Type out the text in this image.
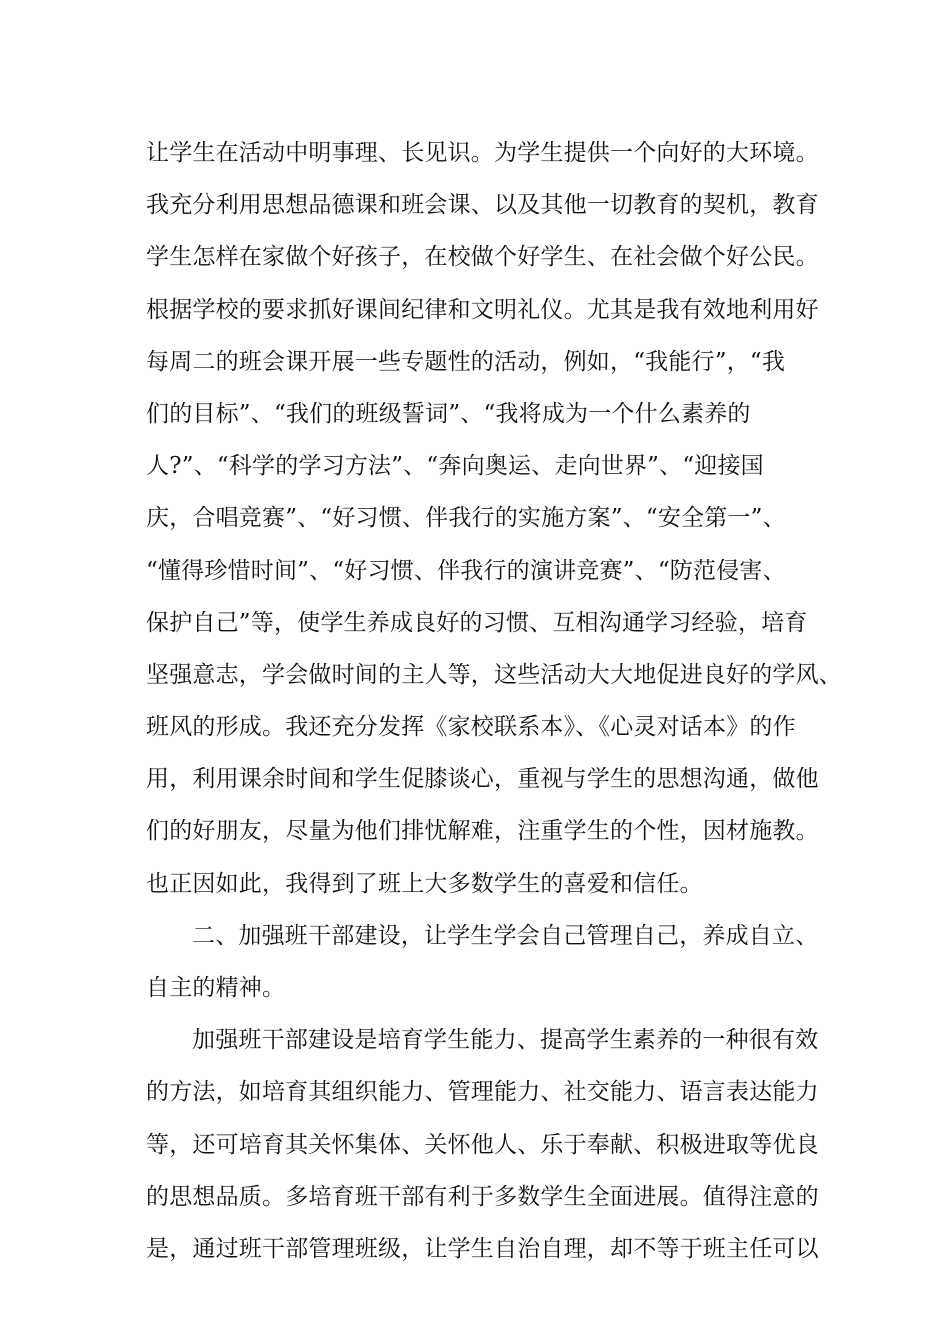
让学生在活动中明事理、长见识。为学生提供一个向好的大环境。
我充分利用思想品德课和班会课、以及其他一切教育的契机，教育
学生怎样在家做个好孩子，在校做个好学生、在社会做个好公民。
根据学校的要求抓好课间纪律和文明礼仪。尤其是我有效地利用好
每周二的班会课开展一些专题性的活动，例如，“我能行”，“我
们的目标”、“我们的班级誓词”、“我将成为一个什么素养的
人?”、“科学的学习方法”、“奔向奥运、走向世界”、“迎接国
庆，合唱竞赛”、“好习惯、伴我行的实施方案”、“安全第一”、
“懂得珍惜时间”、“好习惯、伴我行的演讲竞赛”、“防范侵害、
保护自己”等，使学生养成良好的习惯、互相沟通学习经验，培育
坚强意志，学会做时间的主人等，这些活动大大地促进良好的学风、
班风的形成。我还充分发挥《家校联系本》、《心灵对话本》的作
用，利用课余时间和学生促膝谈心，重视与学生的思想沟通，做他
们的好朋友，尽量为他们排忧解难，注重学生的个性，因材施教。
也正因如此，我得到了班上大多数学生的喜爱和信任。
二、加强班干部建设，让学生学会自己管理自己，养成自立、
自主的精神。
加强班干部建设是培育学生能力、提高学生素养的一种很有效
的方法，如培育其组织能力、管理能力、社交能力、语言表达能力
等，还可培育其关怀集体、关怀他人、乐于奉献、积极进取等优良
的思想品质。多培育班干部有利于多数学生全面进展。值得注意的
是，通过班干部管理班级，让学生自治自理，却不等于班主任可以
